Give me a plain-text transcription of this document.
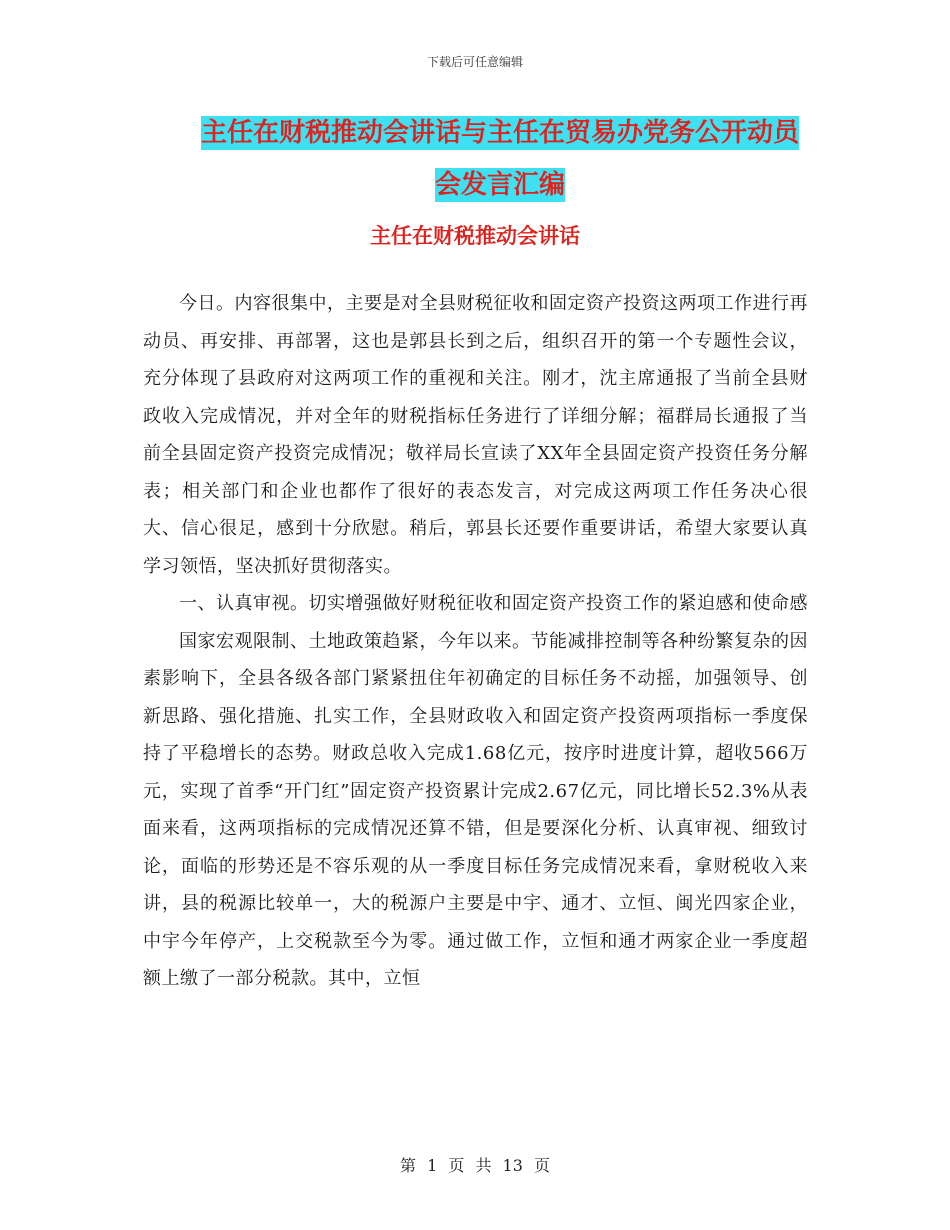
下载后可任意编辑
主任在财税推动会讲话与主任在贸易办党务公开动员
会发言汇编
主任在财税推动会讲话

今日。内容很集中，主要是对全县财税征收和固定资产投资这两项工作进行再动员、再安排、再部署，这也是郭县长到之后，组织召开的第一个专题性会议，充分体现了县政府对这两项工作的重视和关注。刚才，沈主席通报了当前全县财政收入完成情况，并对全年的财税指标任务进行了详细分解；福群局长通报了当前全县固定资产投资完成情况；敬祥局长宣读了XX年全县固定资产投资任务分解表；相关部门和企业也都作了很好的表态发言，对完成这两项工作任务决心很大、信心很足，感到十分欣慰。稍后，郭县长还要作重要讲话，希望大家要认真学习领悟，坚决抓好贯彻落实。

一、认真审视。切实增强做好财税征收和固定资产投资工作的紧迫感和使命感

国家宏观限制、土地政策趋紧，今年以来。节能减排控制等各种纷繁复杂的因素影响下，全县各级各部门紧紧扭住年初确定的目标任务不动摇，加强领导、创新思路、强化措施、扎实工作，全县财政收入和固定资产投资两项指标一季度保持了平稳增长的态势。财政总收入完成1.68亿元，按序时进度计算，超收566万元，实现了首季“开门红”固定资产投资累计完成2.67亿元，同比增长52.3%从表面来看，这两项指标的完成情况还算不错，但是要深化分析、认真审视、细致讨论，面临的形势还是不容乐观的从一季度目标任务完成情况来看，拿财税收入来讲，县的税源比较单一，大的税源户主要是中宇、通才、立恒、闽光四家企业，中宇今年停产，上交税款至今为零。通过做工作，立恒和通才两家企业一季度超额上缴了一部分税款。其中，立恒

第 1 页 共 13 页
